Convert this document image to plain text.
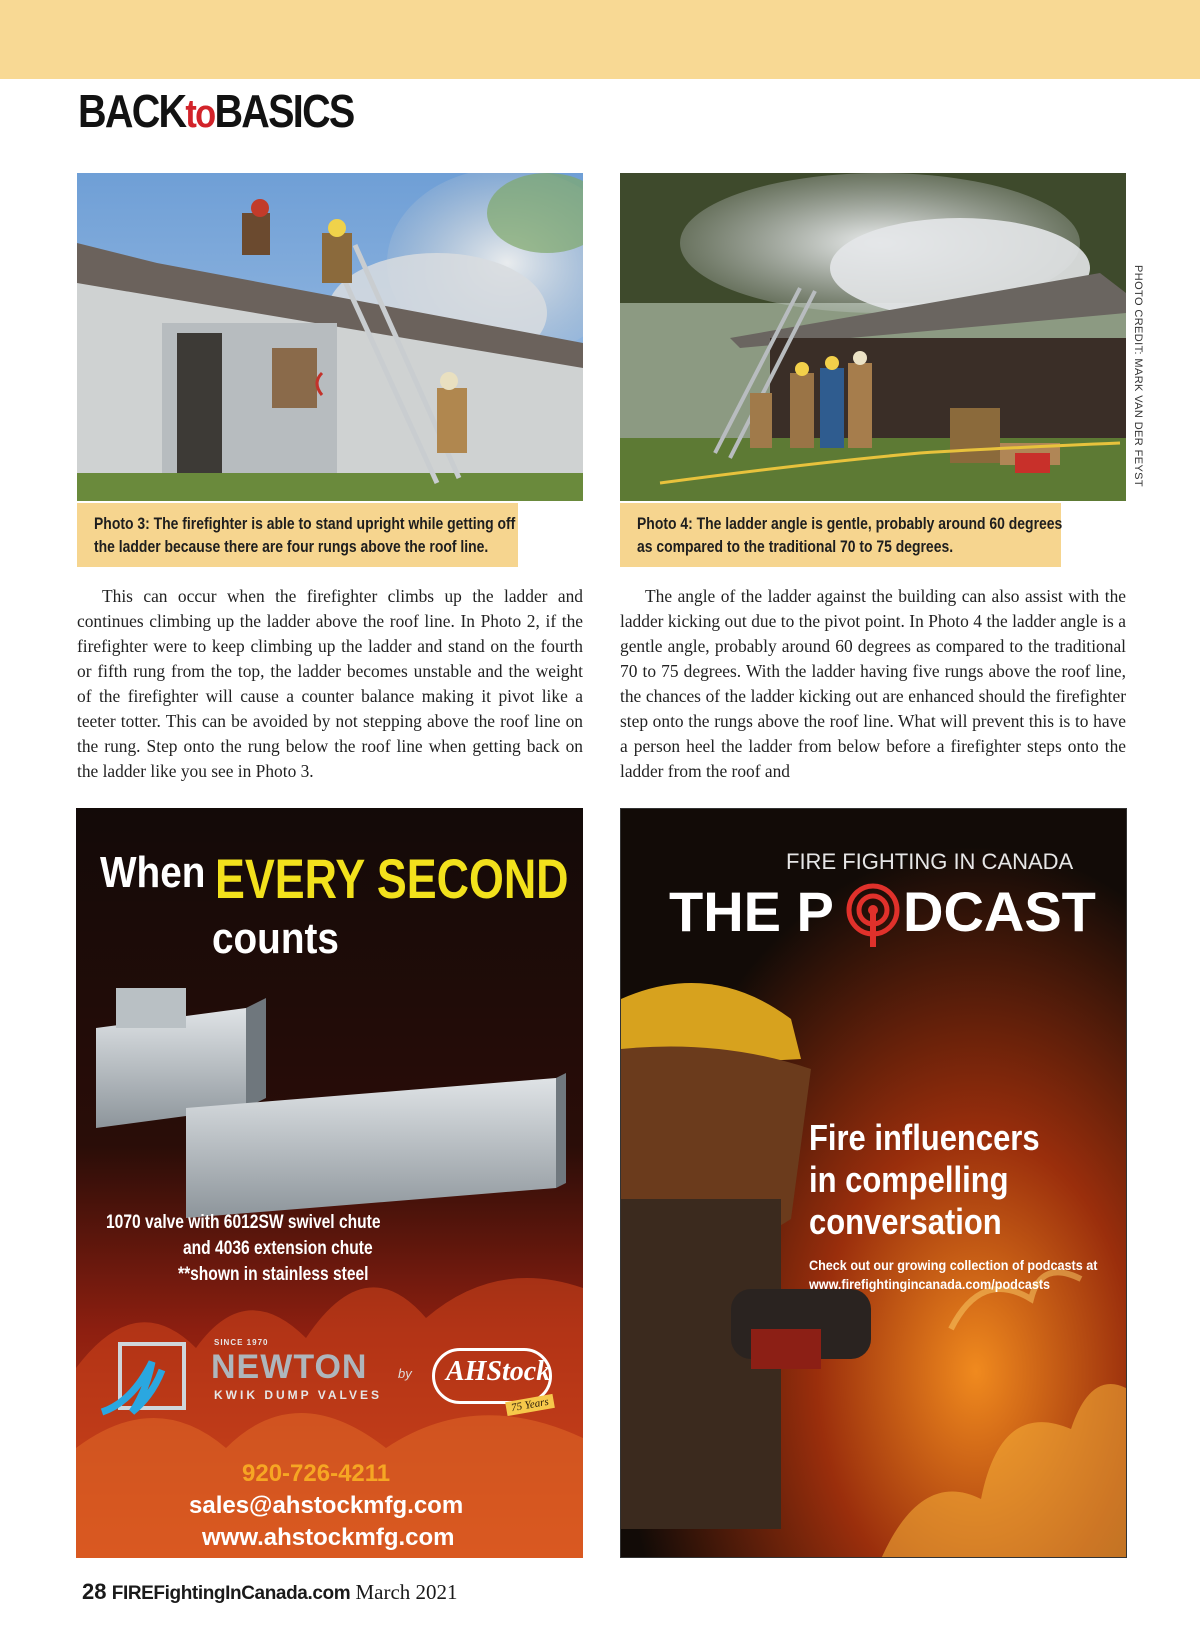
BACKtoBASICS
PHOTO CREDIT: MARK VAN DER FEYST
Photo 3: The firefighter is able to stand upright while getting off the ladder because there are four rungs above the roof line.
Photo 4: The ladder angle is gentle, probably around 60 degrees as compared to the traditional 70 to 75 degrees.

This can occur when the firefighter climbs up the ladder and continues climbing up the ladder above the roof line. In Photo 2, if the firefighter were to keep climbing up the ladder and stand on the fourth or fifth rung from the top, the ladder becomes unstable and the weight of the firefighter will cause a counter balance making it pivot like a teeter totter. This can be avoided by not stepping above the roof line on the rung. Step onto the rung below the roof line when getting back on the ladder like you see in Photo 3.

The angle of the ladder against the building can also assist with the ladder kicking out due to the pivot point. In Photo 4 the ladder angle is a gentle angle, probably around 60 degrees as compared to the traditional 70 to 75 degrees. With the ladder having five rungs above the roof line, the chances of the ladder kicking out are enhanced should the firefighter step onto the rungs above the roof line. What will prevent this is to have a person heel the ladder from below before a firefighter steps onto the ladder from the roof and

When EVERY SECOND
counts
1070 valve with 6012SW swivel chute
and 4036 extension chute
**shown in stainless steel
SINCE 1970
NEWTON
KWIK DUMP VALVES
by AHStock
75 Years
920-726-4211
sales@ahstockmfg.com
www.ahstockmfg.com
FIRE FIGHTING IN CANADA
THE P DCAST
Fire influencers
in compelling
conversation
Check out our growing collection of podcasts at
www.firefightingincanada.com/podcasts
28 FIREFightingInCanada.com March 2021
